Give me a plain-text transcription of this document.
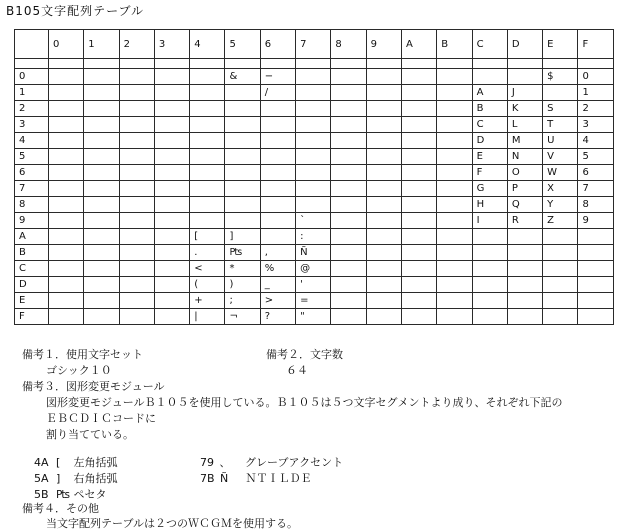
B105文字配列テーブル
	0	1	2	3	4	5	6	7	8	9	A	B	C	D	E	F

0						&	−								$	0
1							/						A	J		1
2													B	K	S	2
3													C	L	T	3
4													D	M	U	4
5													E	N	V	5
6													F	O	W	6
7													G	P	X	7
8													H	Q	Y	8
9								`					I	R	Z	9
A					[	]		:								
B					.	₧	,	Ñ								
C					<	*	%	@								
D					(	)	_	'								
E					+	;	>	=								
F					|	¬	?	"								
備考１．使用文字セット	備考２．文字数
ゴシック１０	６４
備考３．図形変更モジュール
図形変更モジュールＢ１０５を使用している。Ｂ１０５は５つ文字セグメントより成り、それぞれ下記の
ＥＢＣＤＩＣコードに
割り当てている。
4A [ 左角括弧
5A ] 右角括弧
5B ₧ ペセタ
79 、 グレーブアクセント
7B Ñ ＮＴＩＬＤＥ
備考４．その他
当文字配列テーブルは２つのＷＣＧＭを使用する。
